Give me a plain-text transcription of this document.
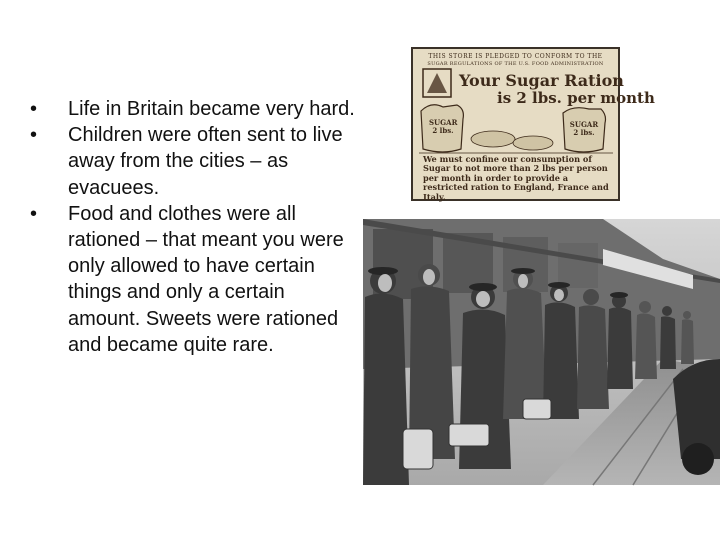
•	Life in Britain became very hard.
•	Children were often sent to live away from the cities – as evacuees.
•	Food and clothes were all rationed – that meant you were only allowed to have certain things and only a certain amount. Sweets were rationed and became quite rare.
THIS STORE IS PLEDGED TO CONFORM TO THE
SUGAR REGULATIONS OF THE U.S. FOOD ADMINISTRATION
Your Sugar Ration
is 2 lbs. per month
SUGAR 2 lbs.
SUGAR 2 lbs.
We must confine our consumption of Sugar to not more than 2 lbs per person per month in order to provide a restricted ration to England, France and Italy.
